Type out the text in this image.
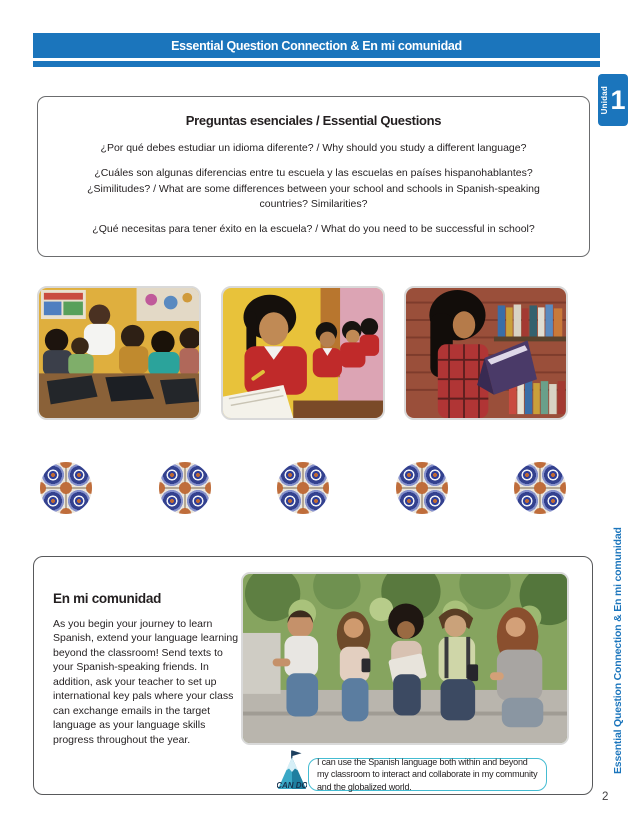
Essential Question Connection & En mi comunidad
Unidad 1
Preguntas esenciales / Essential Questions

¿Por qué debes estudiar un idioma diferente? / Why should you study a different language?

¿Cuáles son algunas diferencias entre tu escuela y las escuelas en países hispanohablantes? ¿Similitudes? / What are some differences between your school and schools in Spanish-speaking countries? Similarities?

¿Qué necesitas para tener éxito en la escuela? / What do you need to be successful in school?

En mi comunidad

As you begin your journey to learn Spanish, extend your language learning beyond the classroom! Send texts to your Spanish-speaking friends. In addition, ask your teacher to set up international key pals where your class can exchange emails in the target language as your language skills progress throughout the year.

CAN DO

I can use the Spanish language both within and beyond my classroom to interact and collaborate in my community and the globalized world.

Essential Question Connection & En mi comunidad
2
